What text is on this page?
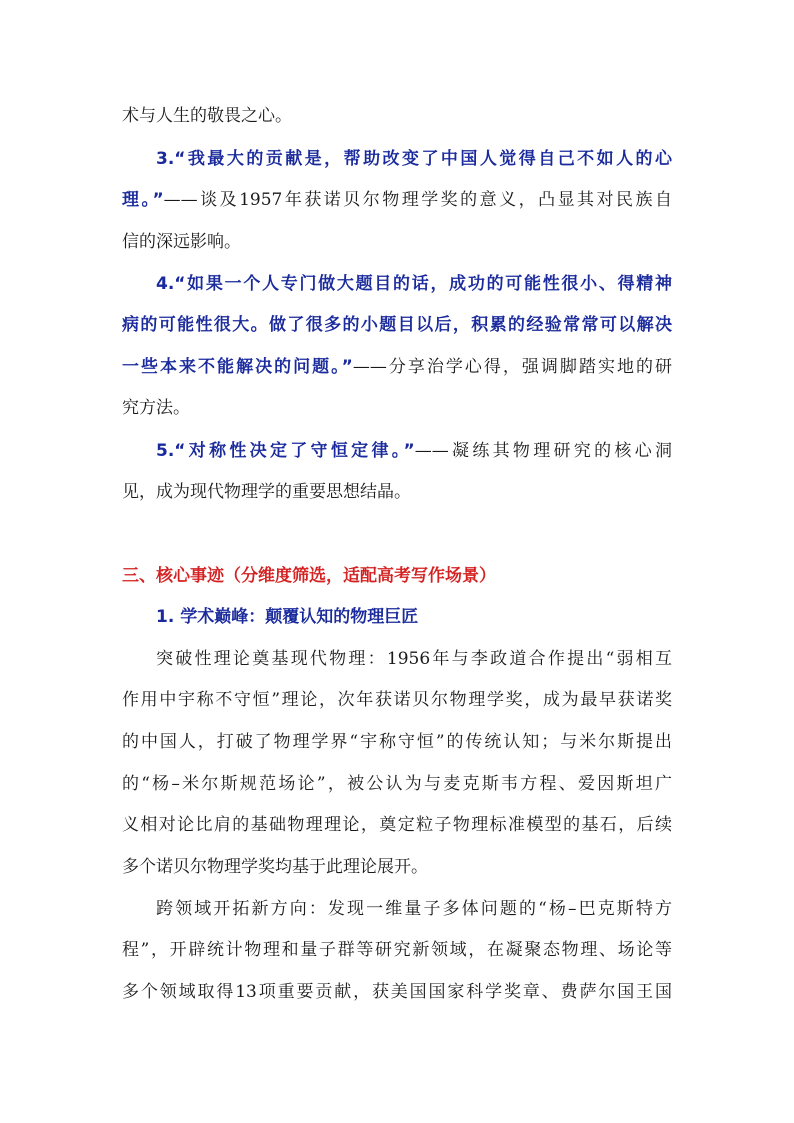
术与人生的敬畏之心。
3.“我最大的贡献是，帮助改变了中国人觉得自己不如人的心
理。”——谈及1957年获诺贝尔物理学奖的意义，凸显其对民族自
信的深远影响。
4.“如果一个人专门做大题目的话，成功的可能性很小、得精神
病的可能性很大。做了很多的小题目以后，积累的经验常常可以解决
一些本来不能解决的问题。”——分享治学心得，强调脚踏实地的研
究方法。
5.“对称性决定了守恒定律。”——凝练其物理研究的核心洞
见，成为现代物理学的重要思想结晶。
三、核心事迹（分维度筛选，适配高考写作场景）
1. 学术巅峰：颠覆认知的物理巨匠
突破性理论奠基现代物理：1956年与李政道合作提出“弱相互
作用中宇称不守恒”理论，次年获诺贝尔物理学奖，成为最早获诺奖
的中国人，打破了物理学界“宇称守恒”的传统认知；与米尔斯提出
的“杨–米尔斯规范场论”，被公认为与麦克斯韦方程、爱因斯坦广
义相对论比肩的基础物理理论，奠定粒子物理标准模型的基石，后续
多个诺贝尔物理学奖均基于此理论展开。
跨领域开拓新方向：发现一维量子多体问题的“杨–巴克斯特方
程”，开辟统计物理和量子群等研究新领域，在凝聚态物理、场论等
多个领域取得13项重要贡献，获美国国家科学奖章、费萨尔国王国
